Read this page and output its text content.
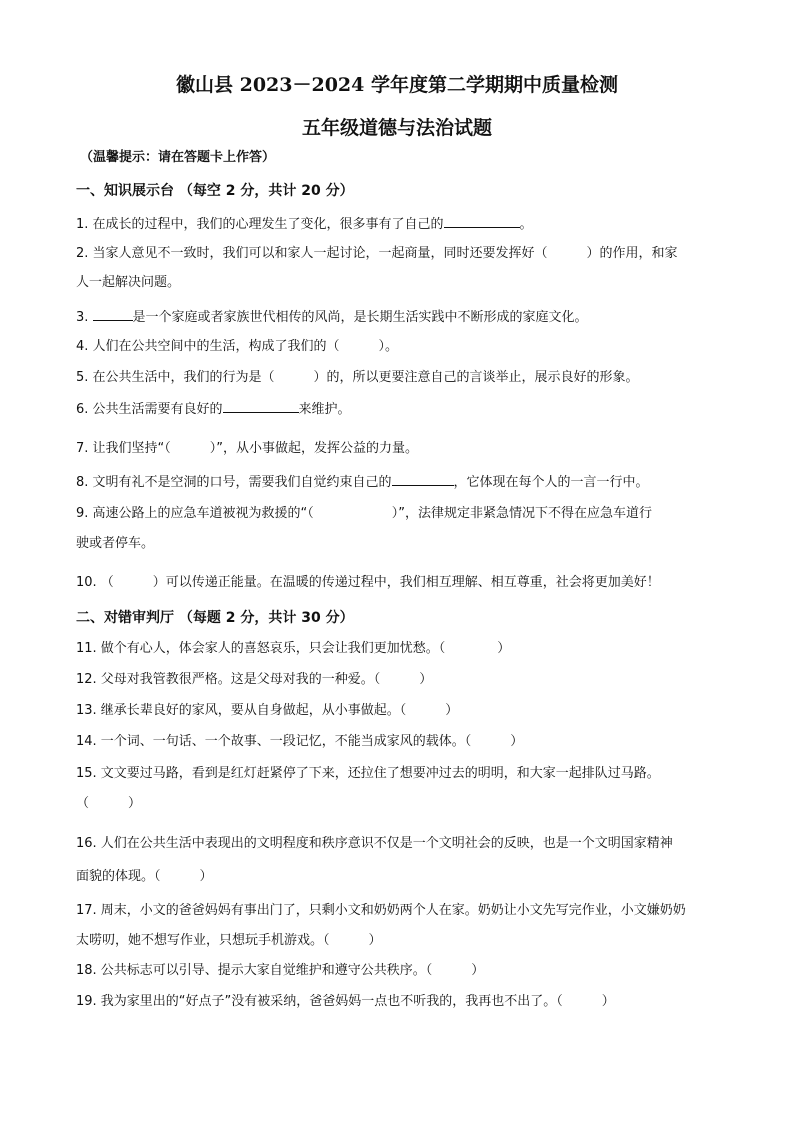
徽山县 2023－2024 学年度第二学期期中质量检测
五年级道德与法治试题
（温馨提示：请在答题卡上作答）
一、知识展示台 （每空 2 分，共计 20 分）
1. 在成长的过程中，我们的心理发生了变化，很多事有了自己的	。
2. 当家人意见不一致时，我们可以和家人一起讨论，一起商量，同时还要发挥好（　　　）的作用，和家
人一起解决问题。
3.	是一个家庭或者家族世代相传的风尚，是长期生活实践中不断形成的家庭文化。
4. 人们在公共空间中的生活，构成了我们的（　　　）。
5. 在公共生活中，我们的行为是（　　　）的，所以更要注意自己的言谈举止，展示良好的形象。
6. 公共生活需要有良好的	来维护。
7. 让我们坚持“（　　　）”，从小事做起，发挥公益的力量。
8. 文明有礼不是空洞的口号，需要我们自觉约束自己的	，它体现在每个人的一言一行中。
9. 高速公路上的应急车道被视为救援的“（　　　　　　）”，法律规定非紧急情况下不得在应急车道行
驶或者停车。
10. （　　　）可以传递正能量。在温暖的传递过程中，我们相互理解、相互尊重，社会将更加美好！
二、对错审判厅 （每题 2 分，共计 30 分）
11. 做个有心人，体会家人的喜怒哀乐，只会让我们更加忧愁。（　　　　）
12. 父母对我管教很严格。这是父母对我的一种爱。（　　　）
13. 继承长辈良好的家风，要从自身做起，从小事做起。（　　　）
14. 一个词、一句话、一个故事、一段记忆，不能当成家风的载体。（　　　）
15. 文文要过马路，看到是红灯赶紧停了下来，还拉住了想要冲过去的明明，和大家一起排队过马路。
（　　　）
16. 人们在公共生活中表现出的文明程度和秩序意识不仅是一个文明社会的反映，也是一个文明国家精神
面貌的体现。（　　　）
17. 周末，小文的爸爸妈妈有事出门了，只剩小文和奶奶两个人在家。奶奶让小文先写完作业，小文嫌奶奶
太唠叨，她不想写作业，只想玩手机游戏。（　　　）
18. 公共标志可以引导、提示大家自觉维护和遵守公共秩序。（　　　）
19. 我为家里出的“好点子”没有被采纳，爸爸妈妈一点也不听我的，我再也不出了。（　　　）
